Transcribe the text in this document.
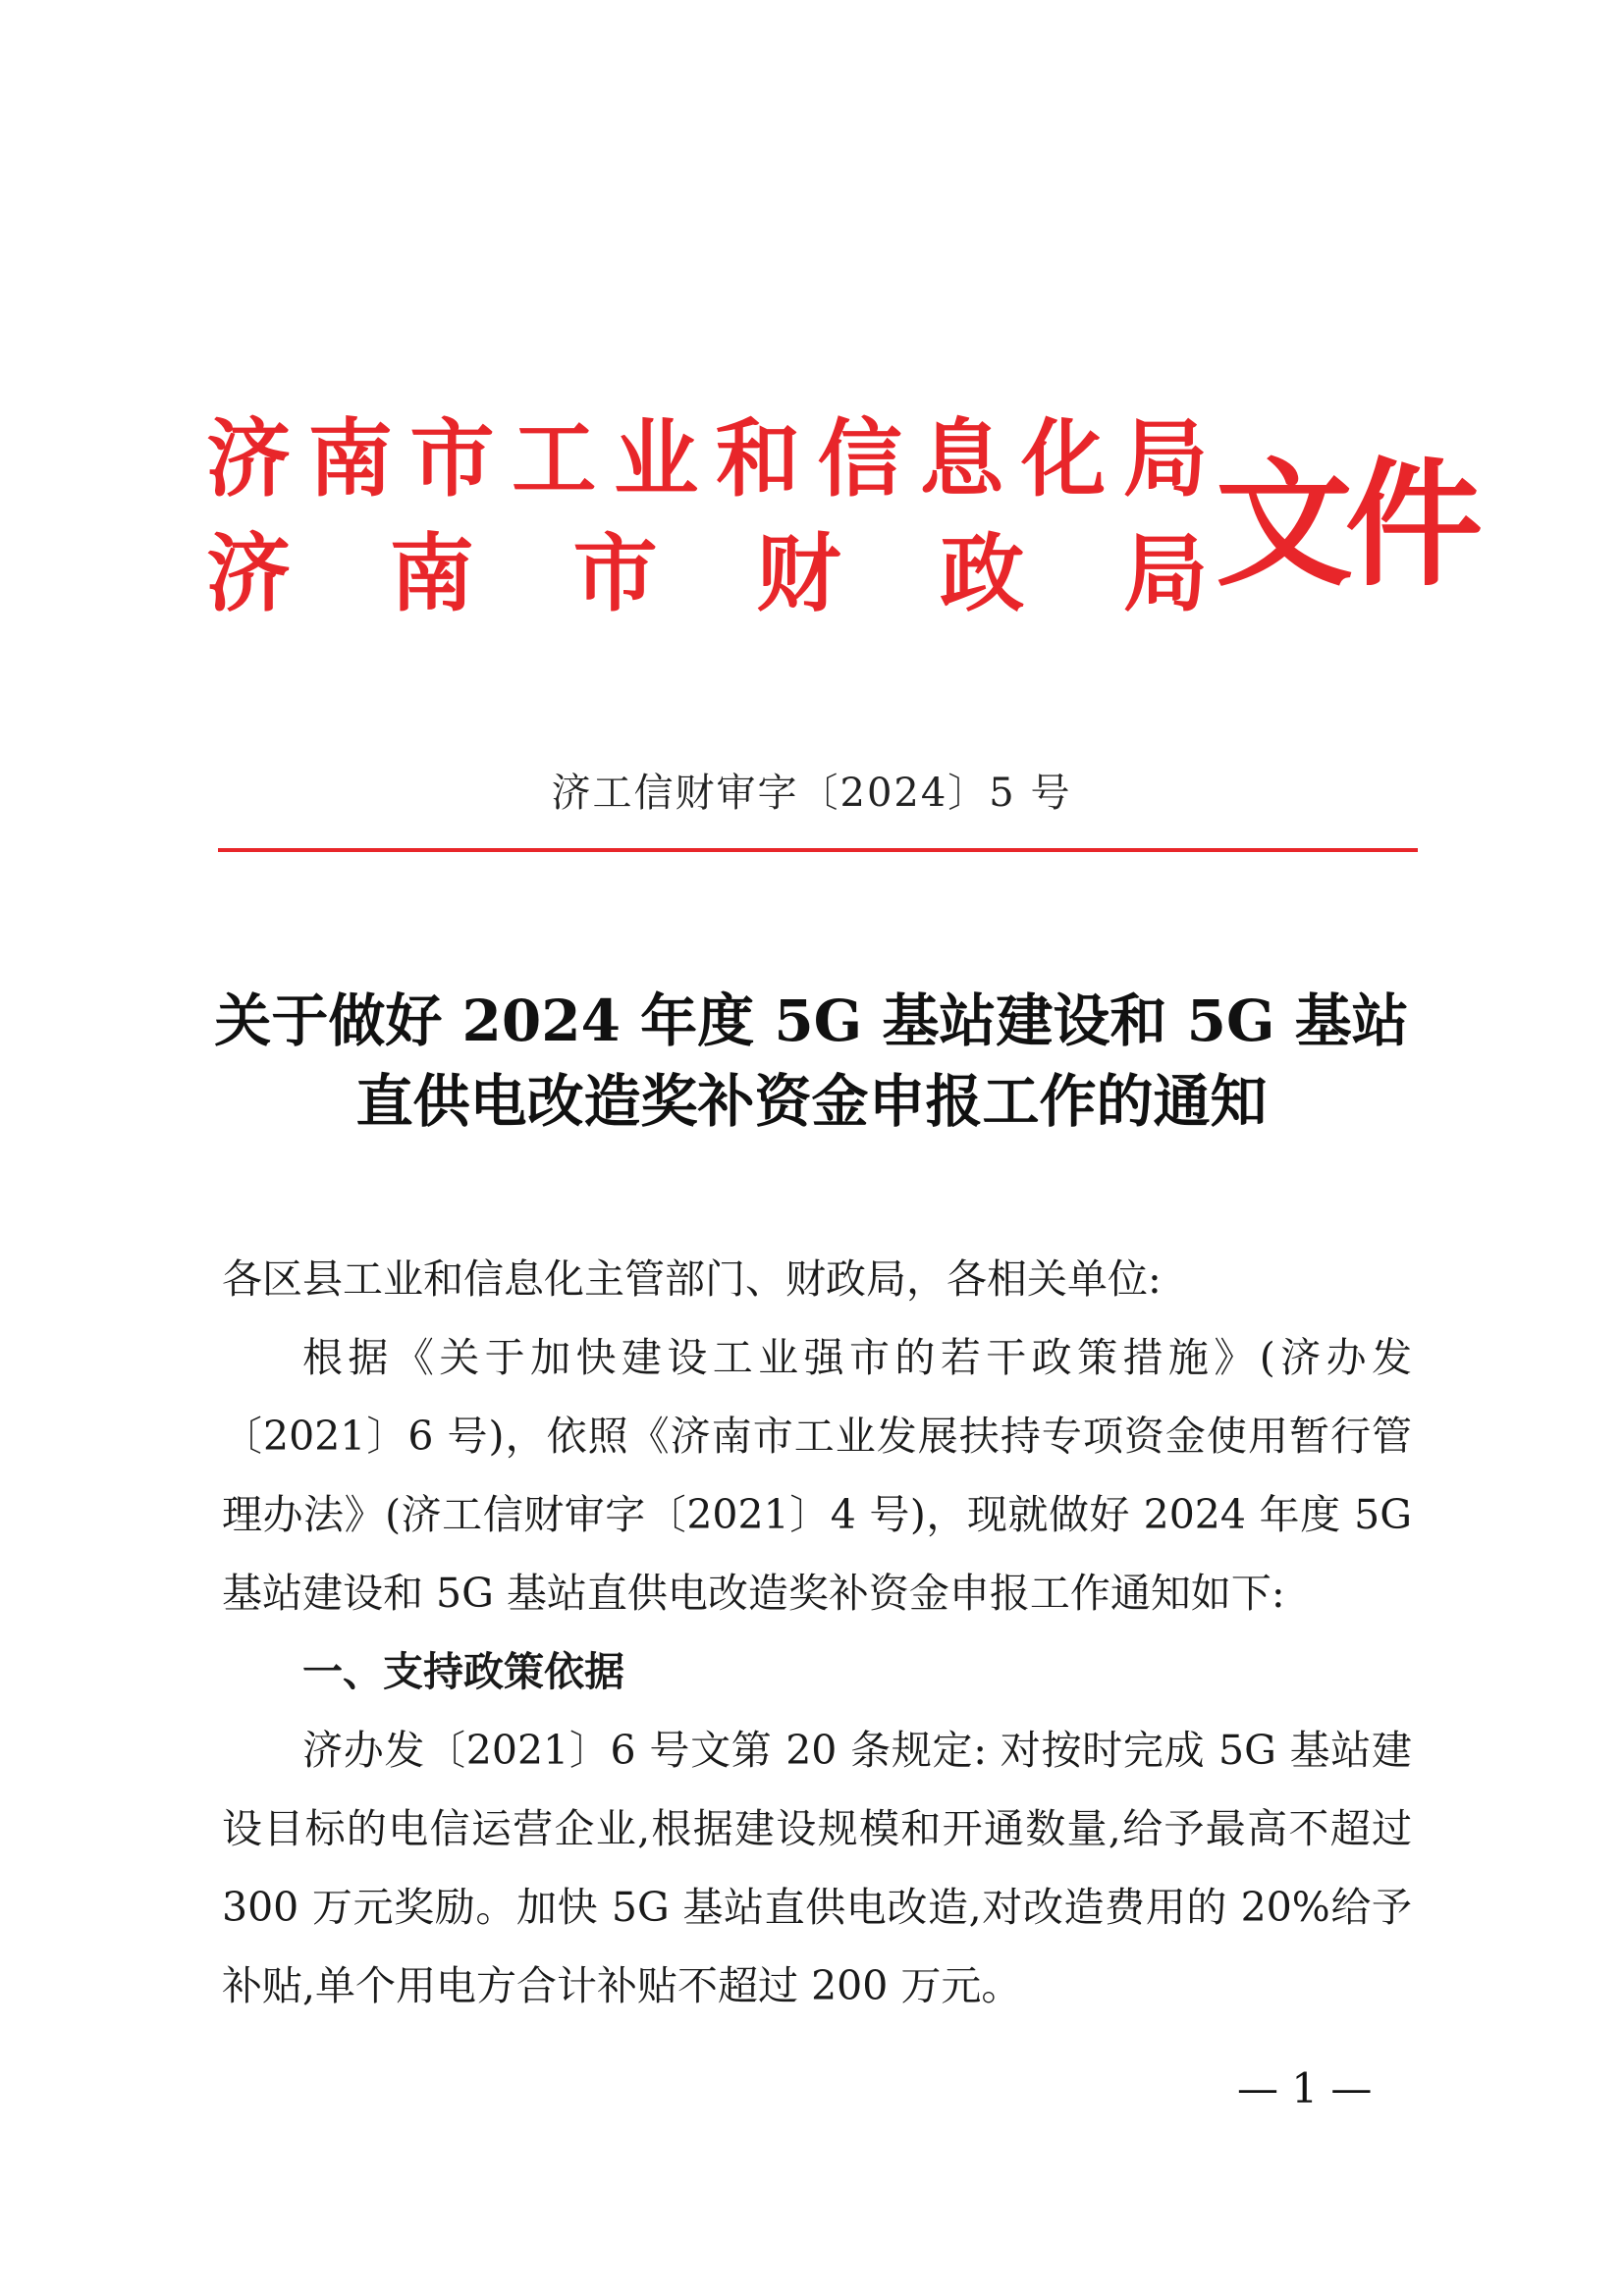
济 南 市 工 业 和 信 息 化 局
济 南 市 财 政 局 文件
济工信财审字〔2024〕5 号
关于做好 2024 年度 5G 基站建设和 5G 基站
直供电改造奖补资金申报工作的通知
各区县工业和信息化主管部门、财政局，各相关单位:
根据《关于加快建设工业强市的若干政策措施》(济办发〔2021〕6 号)，依照《济南市工业发展扶持专项资金使用暂行管理办法》(济工信财审字〔2021〕4 号)，现就做好 2024 年度 5G 基站建设和 5G 基站直供电改造奖补资金申报工作通知如下:
一、支持政策依据
济办发〔2021〕6 号文第 20 条规定: 对按时完成 5G 基站建设目标的电信运营企业,根据建设规模和开通数量,给予最高不超过 300 万元奖励。加快 5G 基站直供电改造,对改造费用的 20%给予补贴,单个用电方合计补贴不超过 200 万元。
— 1 —
